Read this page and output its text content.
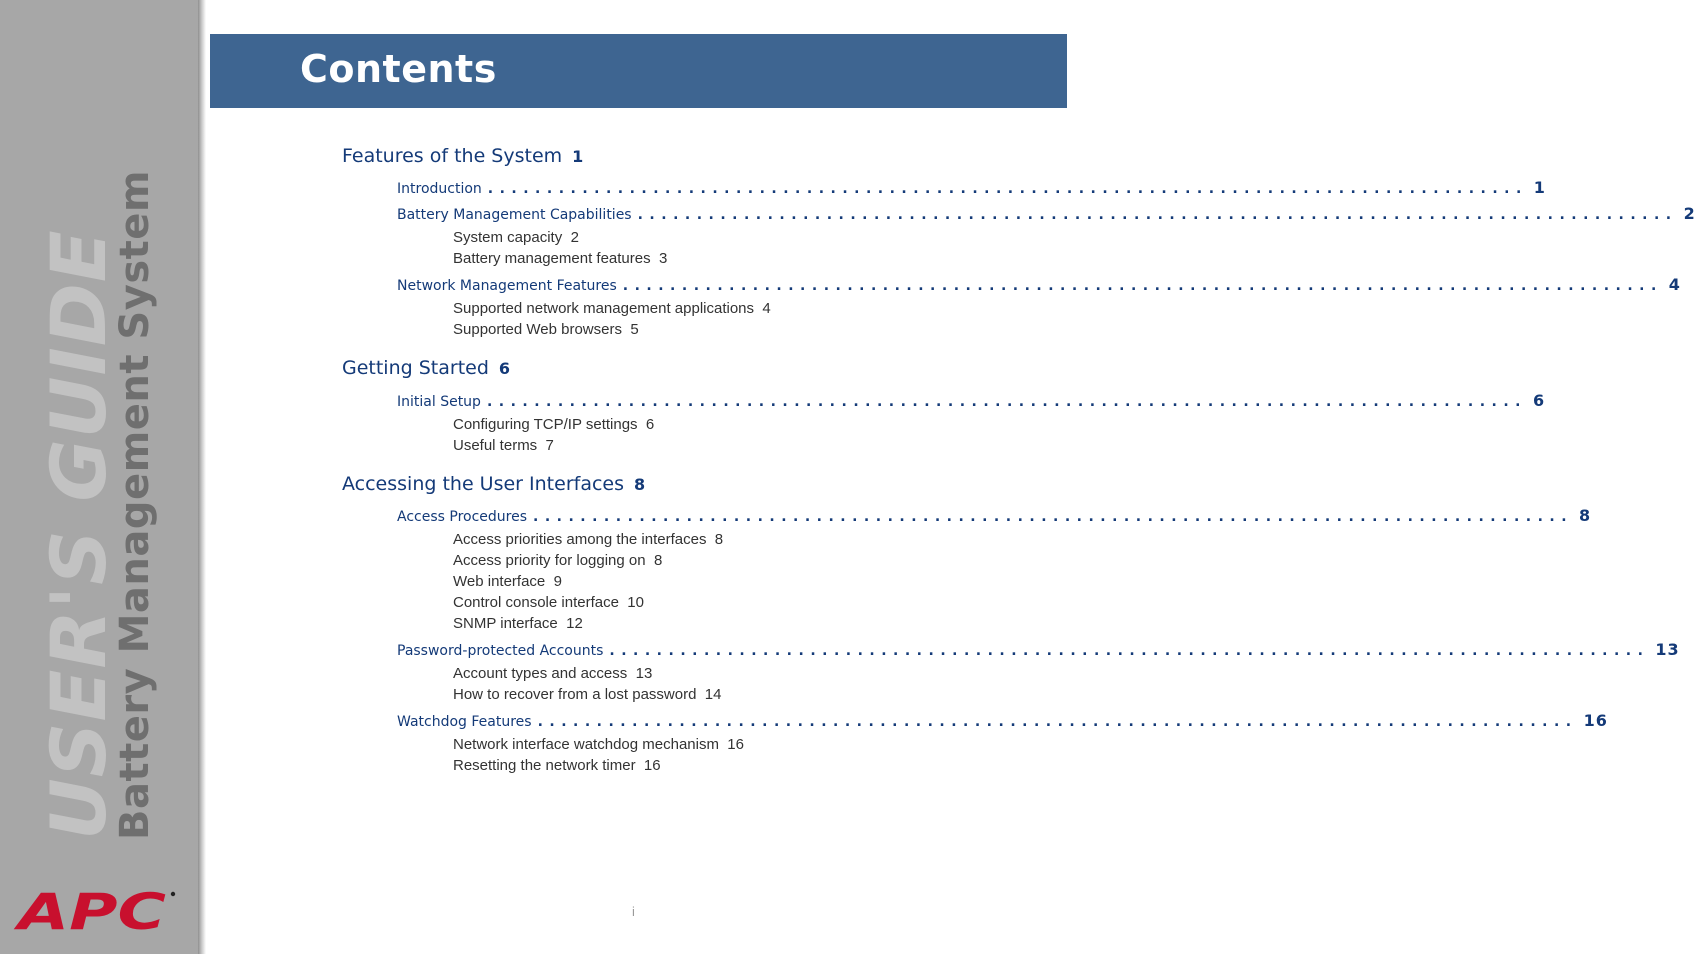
USER'S GUIDE
Battery Management System
APC
Contents
Features of the System 1
Introduction ........................................................................................ 1
Battery Management Capabilities ........................................................................................ 2
System capacity 2
Battery management features 3
Network Management Features ........................................................................................ 4
Supported network management applications 4
Supported Web browsers 5
Getting Started 6
Initial Setup ........................................................................................ 6
Configuring TCP/IP settings 6
Useful terms 7
Accessing the User Interfaces 8
Access Procedures ........................................................................................ 8
Access priorities among the interfaces 8
Access priority for logging on 8
Web interface 9
Control console interface 10
SNMP interface 12
Password-protected Accounts ........................................................................................ 13
Account types and access 13
How to recover from a lost password 14
Watchdog Features ........................................................................................ 16
Network interface watchdog mechanism 16
Resetting the network timer 16
i
